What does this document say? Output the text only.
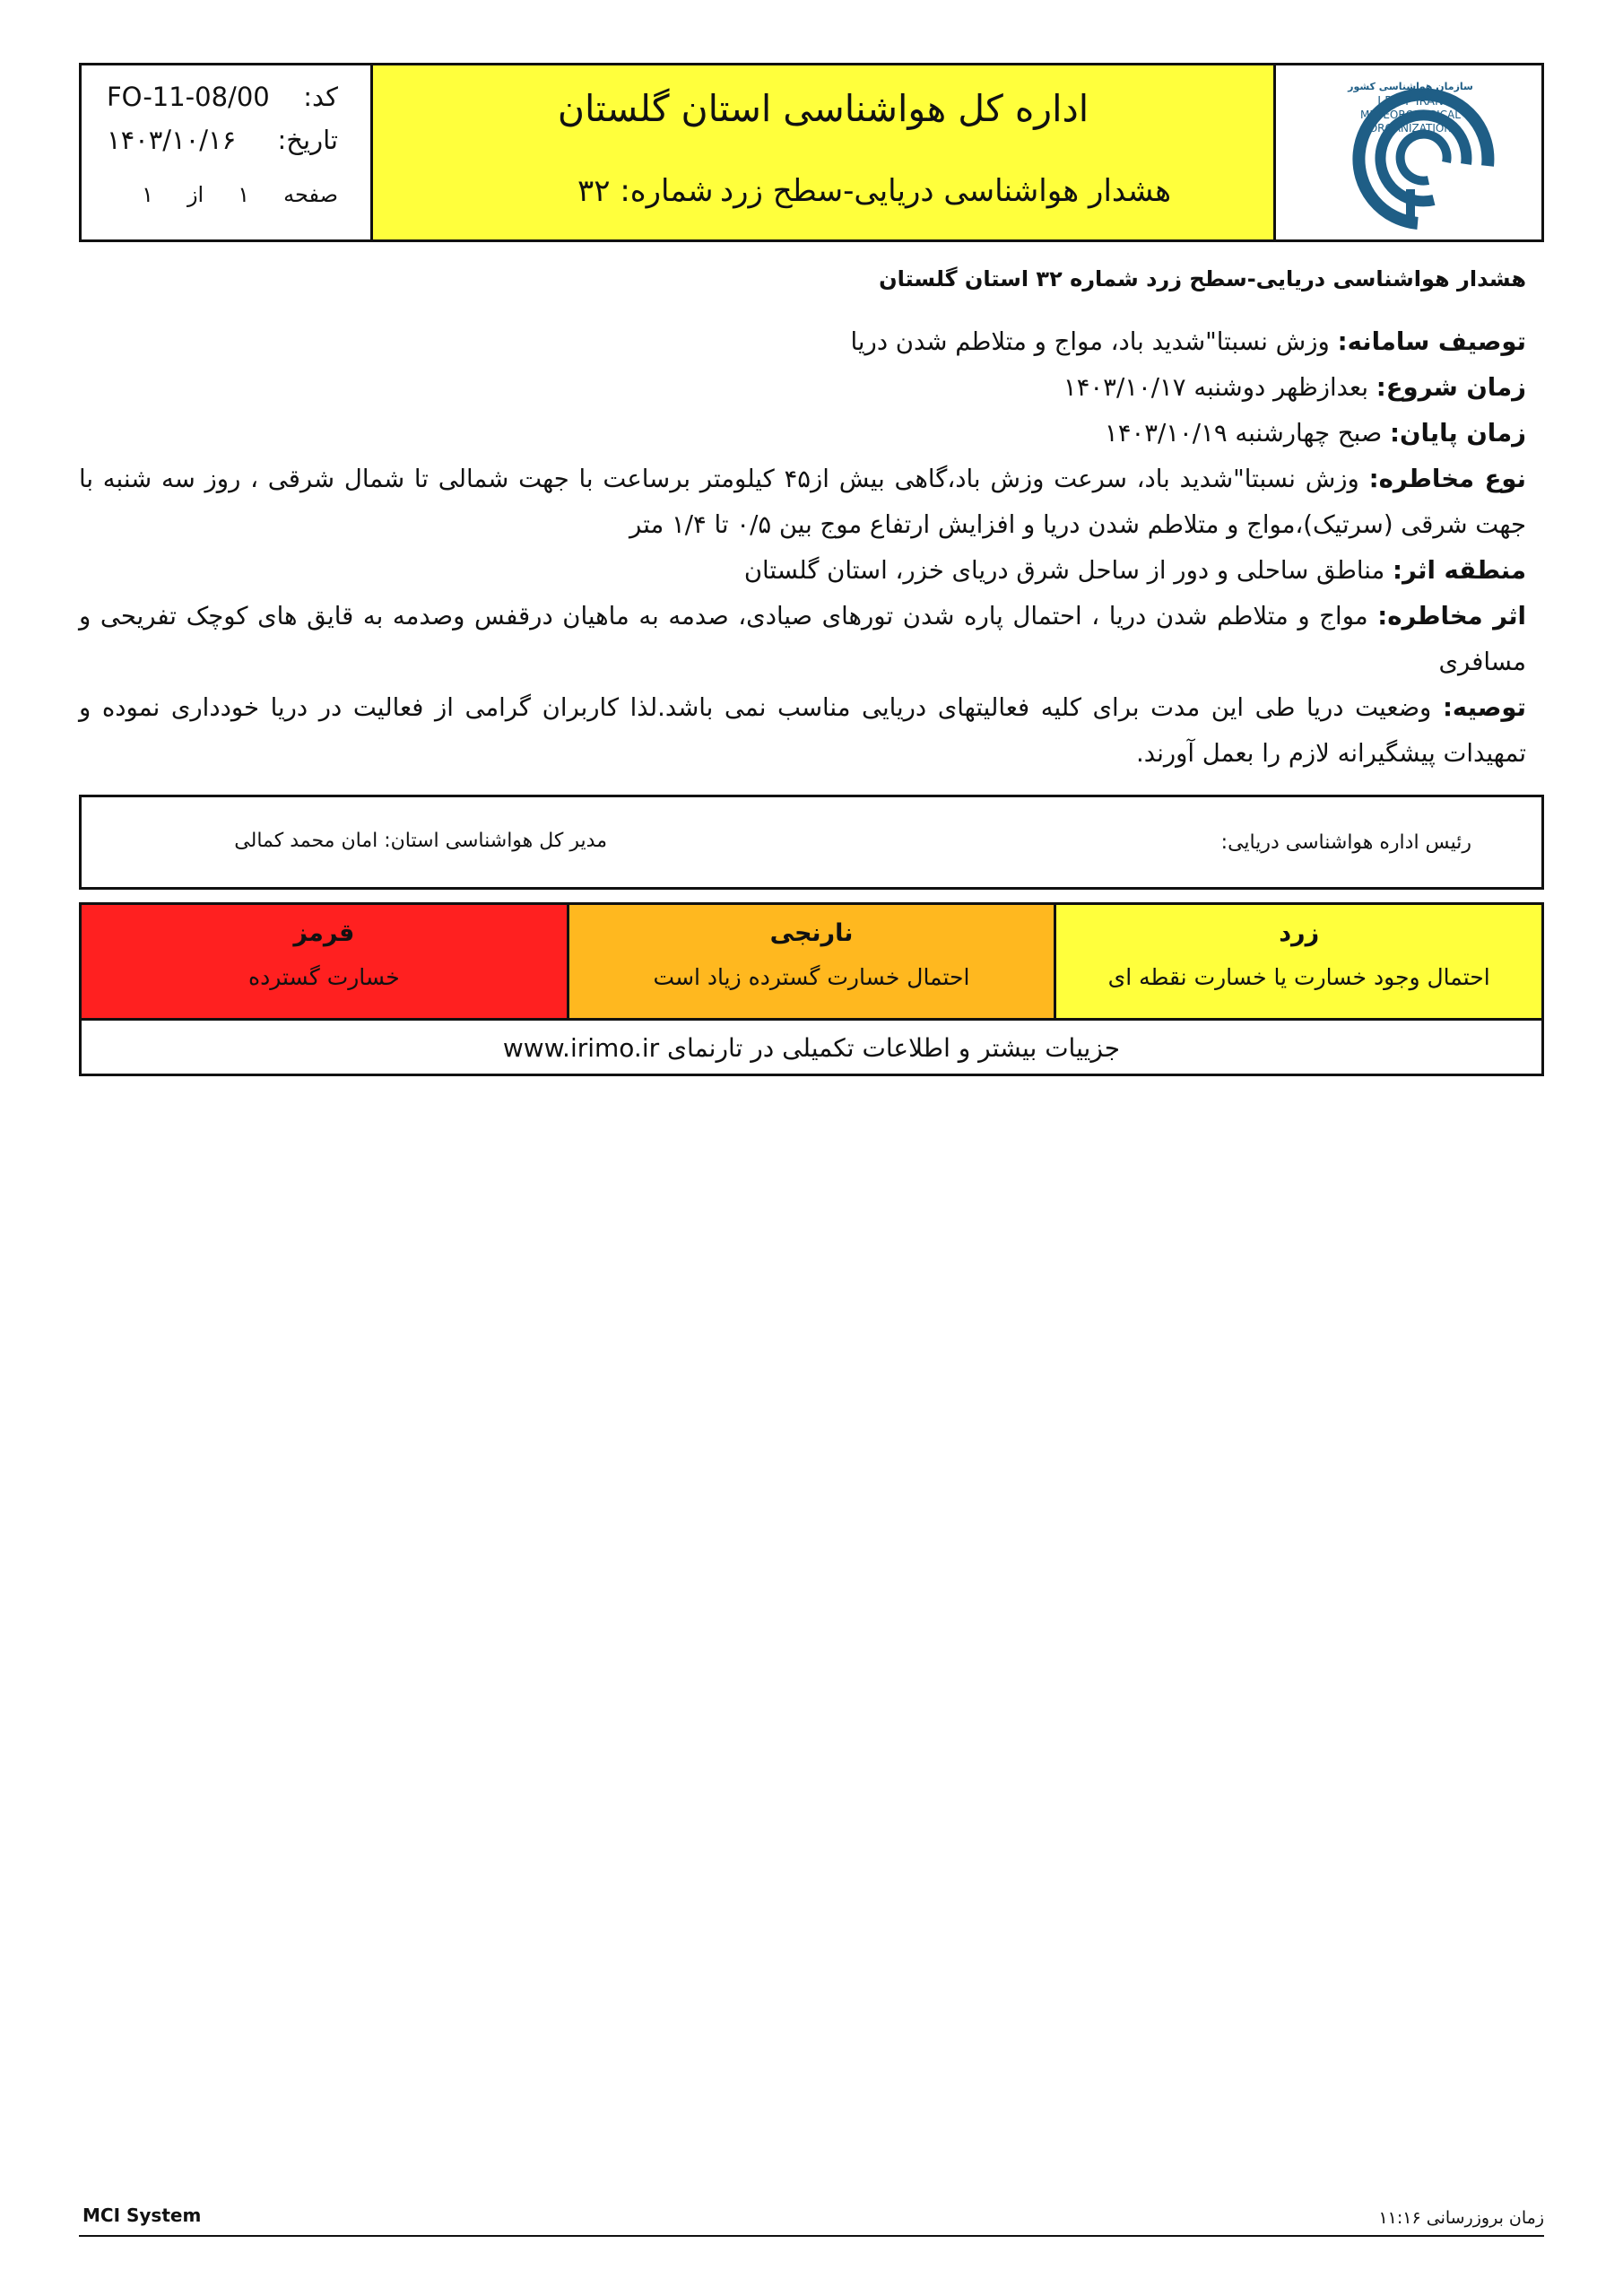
کد:
FO-11-08/00
تاریخ:
۱۴۰۳/۱۰/۱۶
صفحه
۱
از
۱
اداره کل هواشناسی استان گلستان
هشدار هواشناسی دریایی-سطح زرد
شماره: ۳۲
سازمان هواشناسی کشور
I.R.OF IRAN
METEOROLOGICAL
ORGANIZATION

هشدار هواشناسی دریایی-سطح زرد شماره ۳۲ استان گلستان

توصیف سامانه: وزش نسبتا"شدید باد، مواج و متلاطم شدن دریا

زمان شروع: بعدازظهر دوشنبه ۱۴۰۳/۱۰/۱۷

زمان پایان: صبح چهارشنبه ۱۴۰۳/۱۰/۱۹

نوع مخاطره: وزش نسبتا"شدید باد، سرعت وزش باد،گاهی بیش از۴۵ کیلومتر برساعت با جهت شمالی تا شمال شرقی ، روز سه شنبه با جهت شرقی (سرتیک)،مواج و متلاطم شدن دریا و افزایش ارتفاع موج بین ۰/۵ تا ۱/۴ متر

منطقه اثر: مناطق ساحلی و دور از ساحل شرق دریای خزر، استان گلستان

اثر مخاطره: مواج و متلاطم شدن دریا ، احتمال پاره شدن تورهای صیادی، صدمه به ماهیان درقفس وصدمه به قایق های کوچک تفریحی و مسافری

توصیه: وضعیت دریا طی این مدت برای کلیه فعالیتهای دریایی مناسب نمی باشد.لذا کاربران گرامی از فعالیت در دریا خودداری نموده و تمهیدات پیشگیرانه لازم را بعمل آورند.

رئیس اداره هواشناسی دریایی:
مدیر کل هواشناسی استان: امان محمد کمالی
زرد
احتمال وجود خسارت یا خسارت نقطه ای
نارنجی
احتمال خسارت گسترده زیاد است
قرمز
خسارت گسترده
جزییات بیشتر و اطلاعات تکمیلی در تارنمای www.irimo.ir
MCI System	زمان بروزرسانی ۱۱:۱۶
